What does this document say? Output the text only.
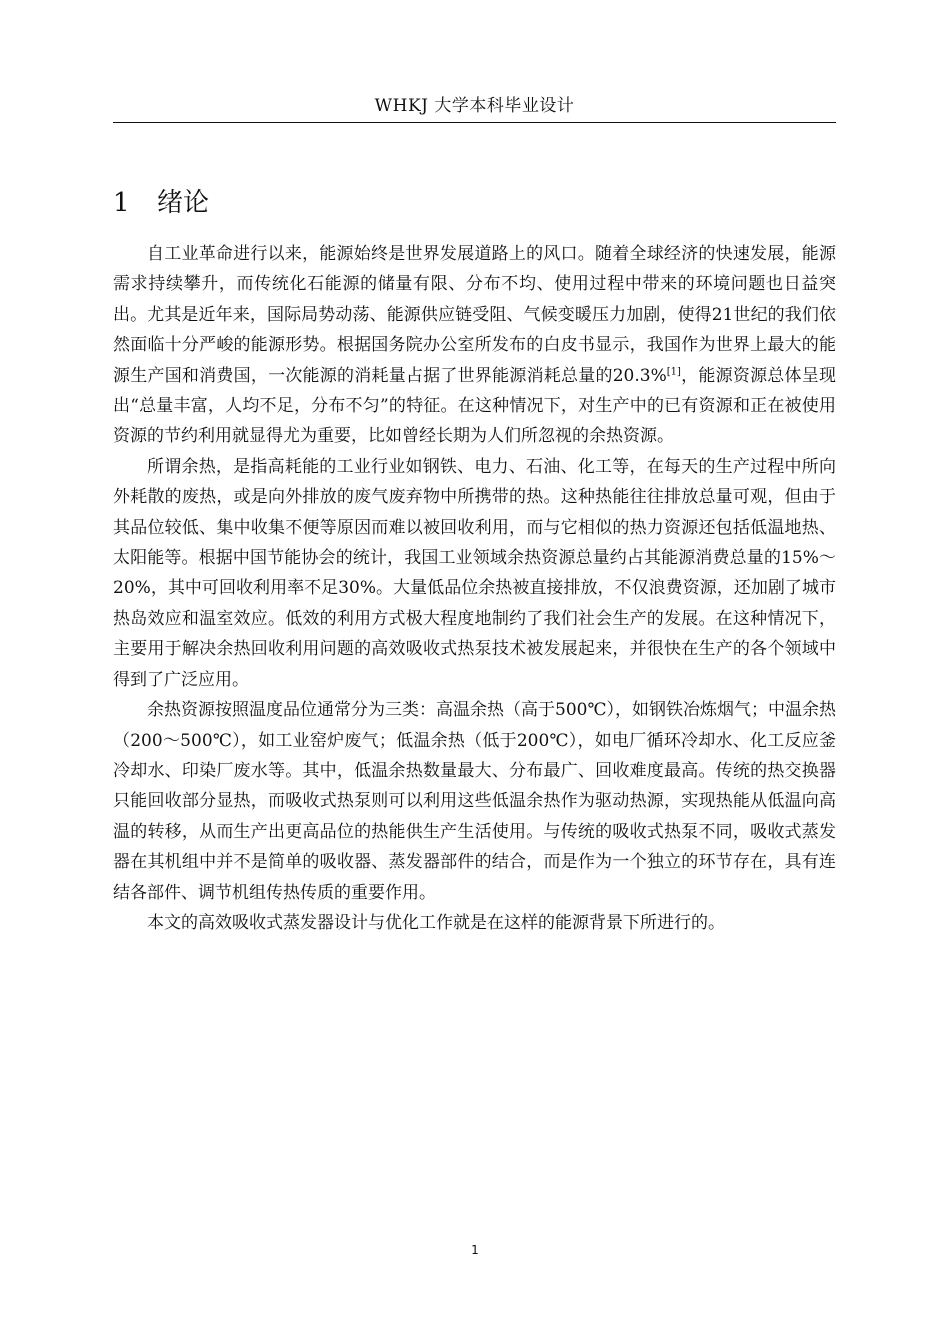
WHKJ 大学本科毕业设计
1 绪论

自工业革命进行以来，能源始终是世界发展道路上的风口。随着全球经济的快速发展，能源需求持续攀升，而传统化石能源的储量有限、分布不均、使用过程中带来的环境问题也日益突出。尤其是近年来，国际局势动荡、能源供应链受阻、气候变暖压力加剧，使得21世纪的我们依然面临十分严峻的能源形势。根据国务院办公室所发布的白皮书显示，我国作为世界上最大的能源生产国和消费国，一次能源的消耗量占据了世界能源消耗总量的20.3%[1]，能源资源总体呈现出“总量丰富，人均不足，分布不匀”的特征。在这种情况下，对生产中的已有资源和正在被使用资源的节约利用就显得尤为重要，比如曾经长期为人们所忽视的余热资源。

所谓余热，是指高耗能的工业行业如钢铁、电力、石油、化工等，在每天的生产过程中所向外耗散的废热，或是向外排放的废气废弃物中所携带的热。这种热能往往排放总量可观，但由于其品位较低、集中收集不便等原因而难以被回收利用，而与它相似的热力资源还包括低温地热、太阳能等。根据中国节能协会的统计，我国工业领域余热资源总量约占其能源消费总量的15%～20%，其中可回收利用率不足30%。大量低品位余热被直接排放，不仅浪费资源，还加剧了城市热岛效应和温室效应。低效的利用方式极大程度地制约了我们社会生产的发展。在这种情况下，主要用于解决余热回收利用问题的高效吸收式热泵技术被发展起来，并很快在生产的各个领域中得到了广泛应用。

余热资源按照温度品位通常分为三类：高温余热（高于500℃），如钢铁冶炼烟气；中温余热（200～500℃），如工业窑炉废气；低温余热（低于200℃），如电厂循环冷却水、化工反应釜冷却水、印染厂废水等。其中，低温余热数量最大、分布最广、回收难度最高。传统的热交换器只能回收部分显热，而吸收式热泵则可以利用这些低温余热作为驱动热源，实现热能从低温向高温的转移，从而生产出更高品位的热能供生产生活使用。与传统的吸收式热泵不同，吸收式蒸发器在其机组中并不是简单的吸收器、蒸发器部件的结合，而是作为一个独立的环节存在，具有连结各部件、调节机组传热传质的重要作用。

本文的高效吸收式蒸发器设计与优化工作就是在这样的能源背景下所进行的。

1
